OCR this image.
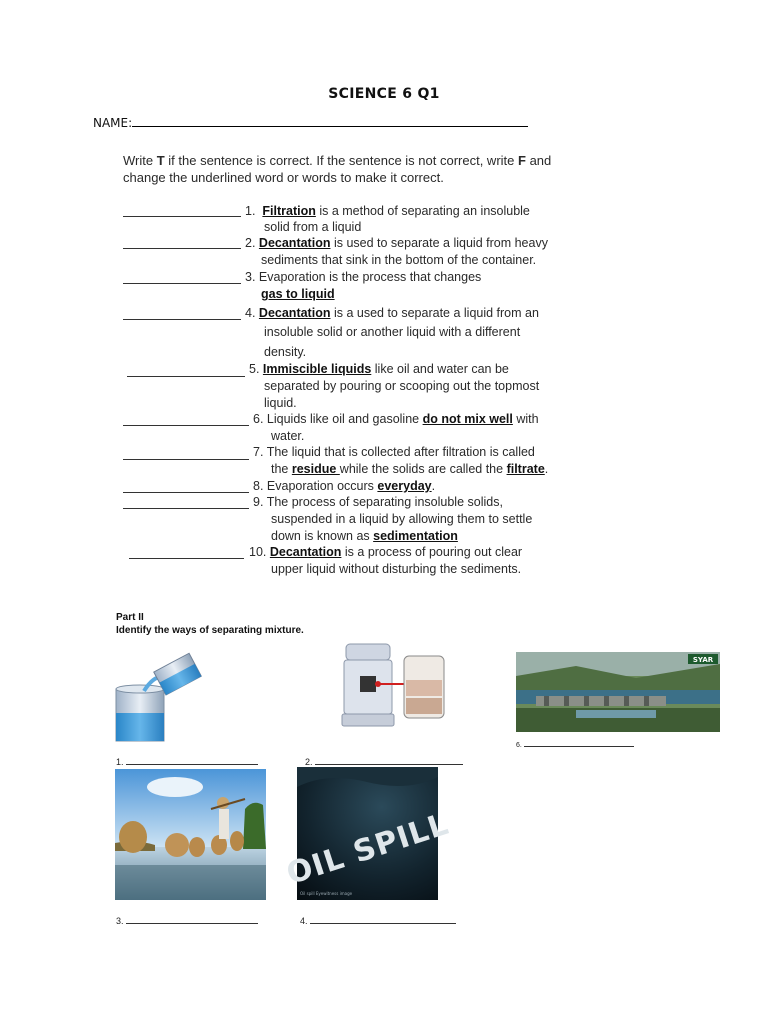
SCIENCE 6 Q1
NAME:
Write T if the sentence is correct. If the sentence is not correct, write F and
change the underlined word or words to make it correct.
1. Filtration is a method of separating an insoluble
solid from a liquid
2. Decantation is used to separate a liquid from heavy
sediments that sink in the bottom of the container.
3. Evaporation is the process that changes
gas to liquid
4. Decantation is a used to separate a liquid from an
insoluble solid or another liquid with a different
density.
5. Immiscible liquids like oil and water can be
separated by pouring or scooping out the topmost
liquid.
6. Liquids like oil and gasoline do not mix well with
water.
7. The liquid that is collected after filtration is called
the residue while the solids are called the filtrate.
8. Evaporation occurs everyday.
9. The process of separating insoluble solids,
suspended in a liquid by allowing them to settle
down is known as sedimentation
10. Decantation is a process of pouring out clear
upper liquid without disturbing the sediments.
Part II
Identify the ways of separating mixture.
SYAR
1.	2.
6.
OIL SPILL
Oil spill Eyewitness image
3.	4.
